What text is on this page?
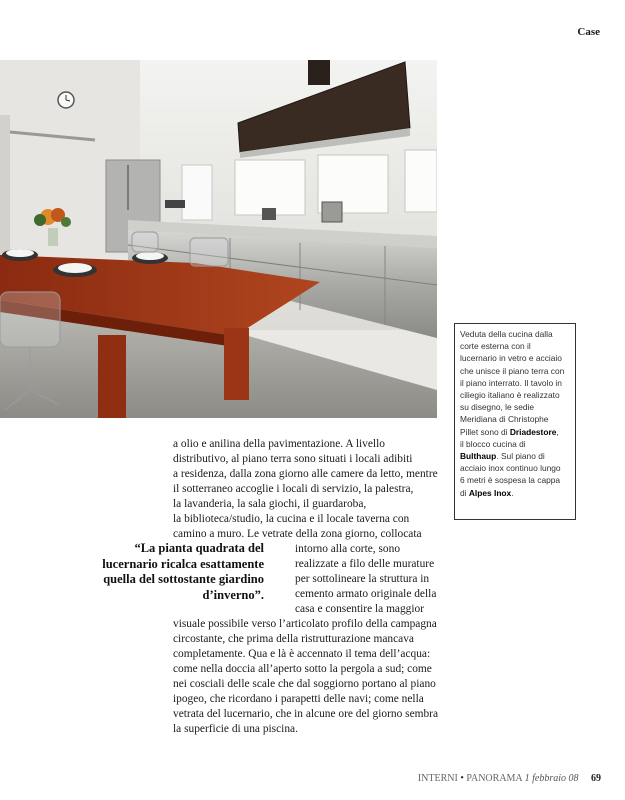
Case
Veduta della cucina dalla
corte esterna con il
lucernario in vetro e acciaio
che unisce il piano terra con
il piano interrato. Il tavolo in
ciliegio italiano è realizzato
su disegno, le sedie
Meridiana di Christophe
Pillet sono di Driadestore,
il blocco cucina di
Bulthaup. Sul piano di
acciaio inox continuo lungo
6 metri è sospesa la cappa
di Alpes Inox.
“La pianta quadrata del lucernario ricalca esattamente quella del sottostante giardino d’inverno”.
a olio e anilina della pavimentazione. A livello
distributivo, al piano terra sono situati i locali adibiti
a residenza, dalla zona giorno alle camere da letto, mentre
il sotterraneo accoglie i locali di servizio, la palestra,
la lavanderia, la sala giochi, il guardaroba,
la biblioteca/studio, la cucina e il locale taverna con
camino a muro. Le vetrate della zona giorno, collocata
intorno alla corte, sono
realizzate a filo delle murature
per sottolineare la struttura in
cemento armato originale della
casa e consentire la maggior
visuale possibile verso l’articolato profilo della campagna
circostante, che prima della ristrutturazione mancava
completamente. Qua e là è accennato il tema dell’acqua:
come nella doccia all’aperto sotto la pergola a sud; come
nei cosciali delle scale che dal soggiorno portano al piano
ipogeo, che ricordano i parapetti delle navi; come nella
vetrata del lucernario, che in alcune ore del giorno sembra
la superficie di una piscina.
INTERNI • PANORAMA 1 febbraio 08 69
